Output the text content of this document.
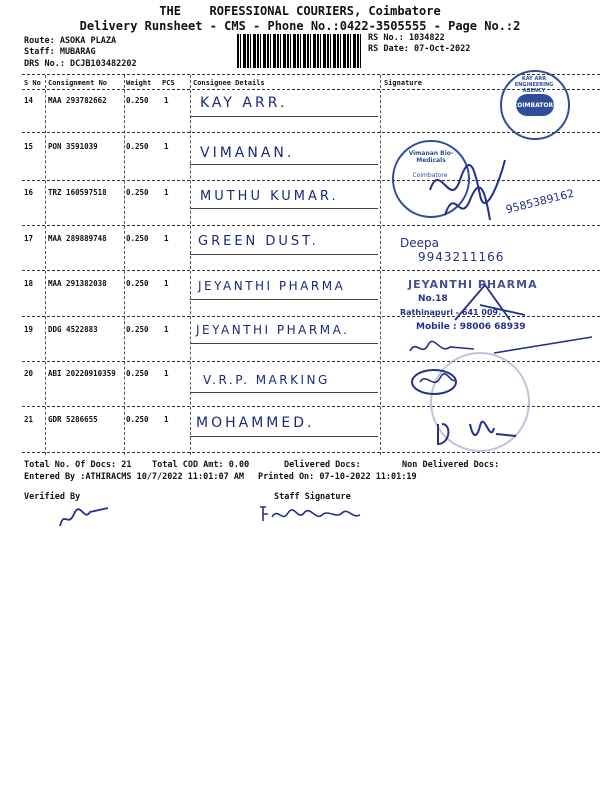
THE ROFESSIONAL COURIERS, Coimbatore
Delivery Runsheet - CMS - Phone No.:0422-3505555 - Page No.:2
Route: ASOKA PLAZA
Staff: MUBARAG
DRS No.: DCJB103482202
RS No.: 1034822
RS Date: 07-Oct-2022
S No Consignment No	Weight PCS	Consignee Details	Signature
14 MAA 293782662	0.250 1 KAY ARR.
15 PON 3591039	0.250 1 VIMANAN.
16 TRZ 160597518	0.250 1 MUTHU KUMAR.
17 MAA 289889748	0.250 1 GREEN DUST.
18 MAA 291382038	0.250 1 JEYANTHI PHARMA
19 DDG 4522883	0.250 1 JEYANTHI PHARMA.
20 ABI 20220910359 0.250 1	V.R.P. MARKING
21 GDR 5286655	0.250 1 MOHAMMED.
KAY ARR ENGINEERING AGENCY
COIMBATORE
Vimanan Bio-Medicals
Coimbatore
9585389162
Deepa
9943211166
JEYANTHI PHARMA
No.18
Rathinapuri - 641 009.
Mobile : 98006 68939
Total No. Of Docs: 21 Total COD Amt: 0.00	Delivered Docs:	Non Delivered Docs:
Entered By :ATHIRACMS 10/7/2022 11:01:07 AM Printed On: 07-10-2022 11:01:19
Verified By	Staff Signature
